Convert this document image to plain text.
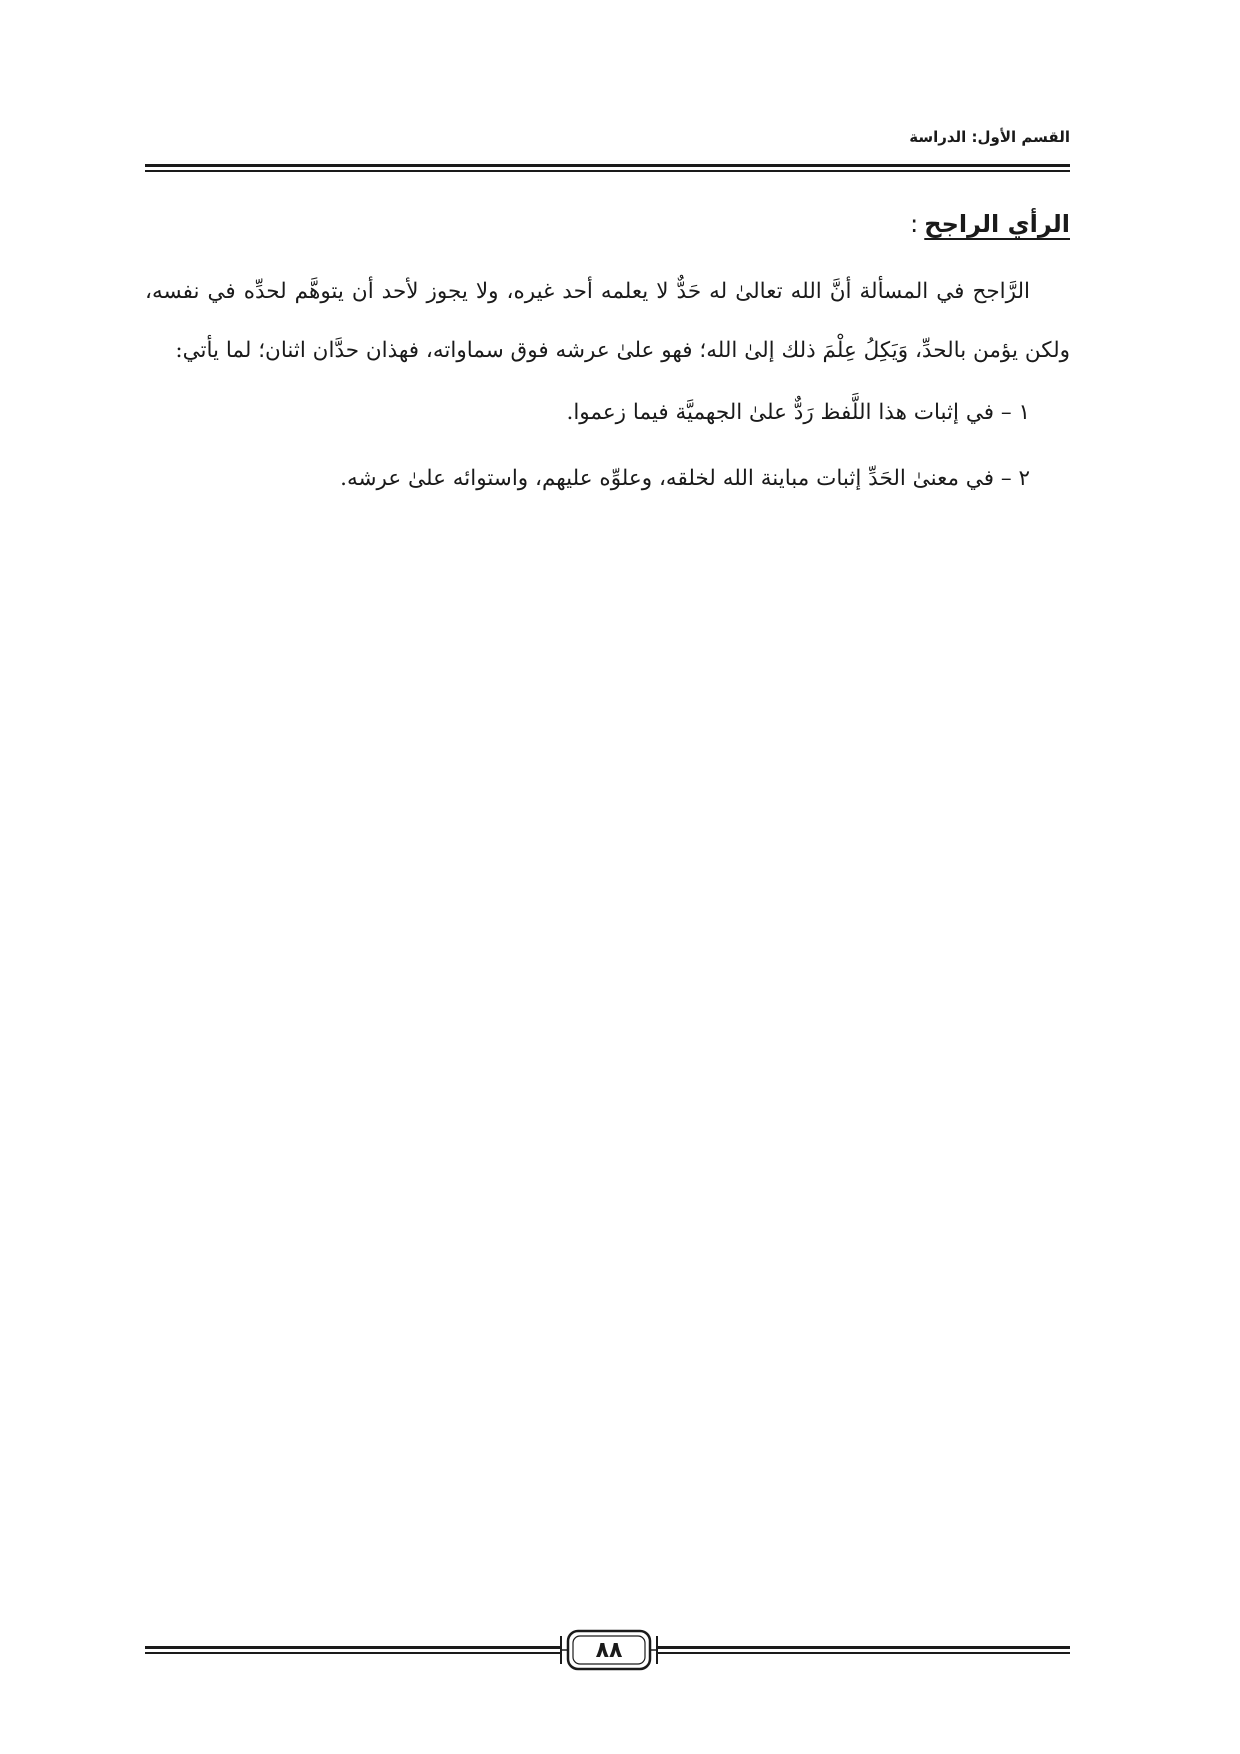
القسم الأول: الدراسة
الرأي الراجح:

الرَّاجح في المسألة أنَّ الله تعالىٰ له حَدٌّ لا يعلمه أحد غيره، ولا يجوز لأحد أن يتوهَّم لحدِّه في نفسه، ولكن يؤمن بالحدِّ، وَيَكِلُ عِلْمَ ذلك إلىٰ الله؛ فهو علىٰ عرشه فوق سماواته، فهذان حدَّان اثنان؛ لما يأتي:

١ – في إثبات هذا اللَّفظ رَدٌّ علىٰ الجهميَّة فيما زعموا.
٢ – في معنىٰ الحَدِّ إثبات مباينة الله لخلقه، وعلوِّه عليهم، واستوائه علىٰ عرشه.
٨٨
